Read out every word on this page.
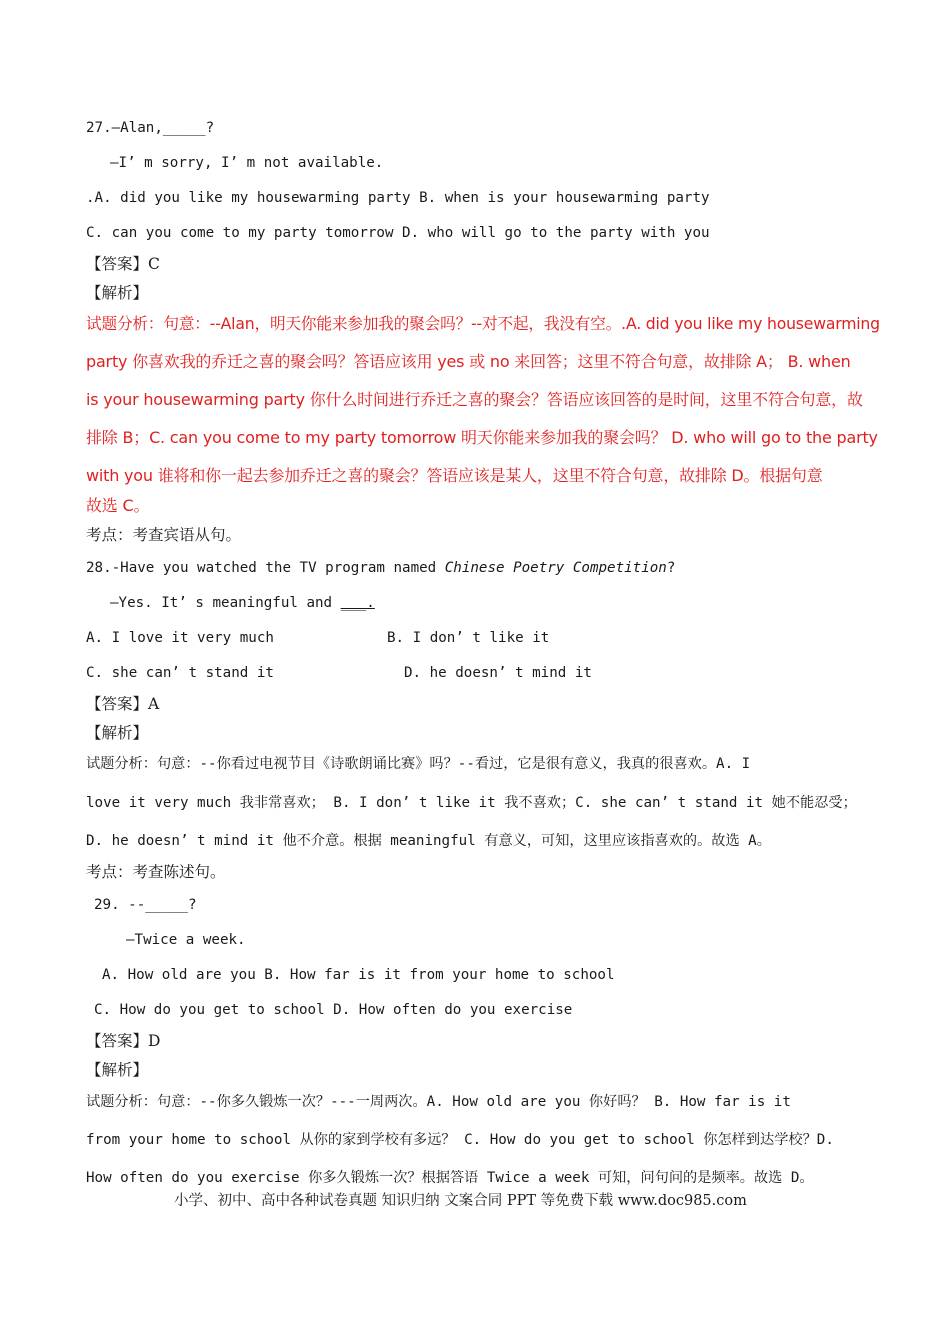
27.—Alan,_____?
—I’ m sorry, I’ m not available.
.A. did you like my housewarming party B. when is your housewarming party
C. can you come to my party tomorrow D. who will go to the party with you
【答案】C
【解析】
试题分析：句意：--Alan，明天你能来参加我的聚会吗？--对不起，我没有空。.A. did you like my housewarming
party 你喜欢我的乔迁之喜的聚会吗？答语应该用 yes 或 no 来回答；这里不符合句意，故排除 A； B. when
is your housewarming party 你什么时间进行乔迁之喜的聚会？答语应该回答的是时间，这里不符合句意，故
排除 B；C. can you come to my party tomorrow 明天你能来参加我的聚会吗？ D. who will go to the party
with you 谁将和你一起去参加乔迁之喜的聚会？答语应该是某人，这里不符合句意，故排除 D。根据句意
故选 C。
考点：考查宾语从句。
28.-Have you watched the TV program named Chinese Poetry Competition?
—Yes. It’ s meaningful and ___.
A. I love it very much	B. I don’ t like it
C. she can’ t stand it	D. he doesn’ t mind it
【答案】A
【解析】
试题分析：句意：--你看过电视节目《诗歌朗诵比赛》吗？--看过，它是很有意义，我真的很喜欢。A. I
love it very much 我非常喜欢； B. I don’ t like it 我不喜欢；C. she can’ t stand it 她不能忍受；
D. he doesn’ t mind it 他不介意。根据 meaningful 有意义，可知，这里应该指喜欢的。故选 A。
考点：考查陈述句。
29. --_____?
—Twice a week.
A. How old are you B. How far is it from your home to school
C. How do you get to school D. How often do you exercise
【答案】D
【解析】
试题分析：句意：--你多久锻炼一次？---一周两次。A. How old are you 你好吗？ B. How far is it
from your home to school 从你的家到学校有多远？ C. How do you get to school 你怎样到达学校？D.
How often do you exercise 你多久锻炼一次？根据答语 Twice a week 可知，问句问的是频率。故选 D。
小学、初中、高中各种试卷真题 知识归纳 文案合同 PPT 等免费下载 www.doc985.com
